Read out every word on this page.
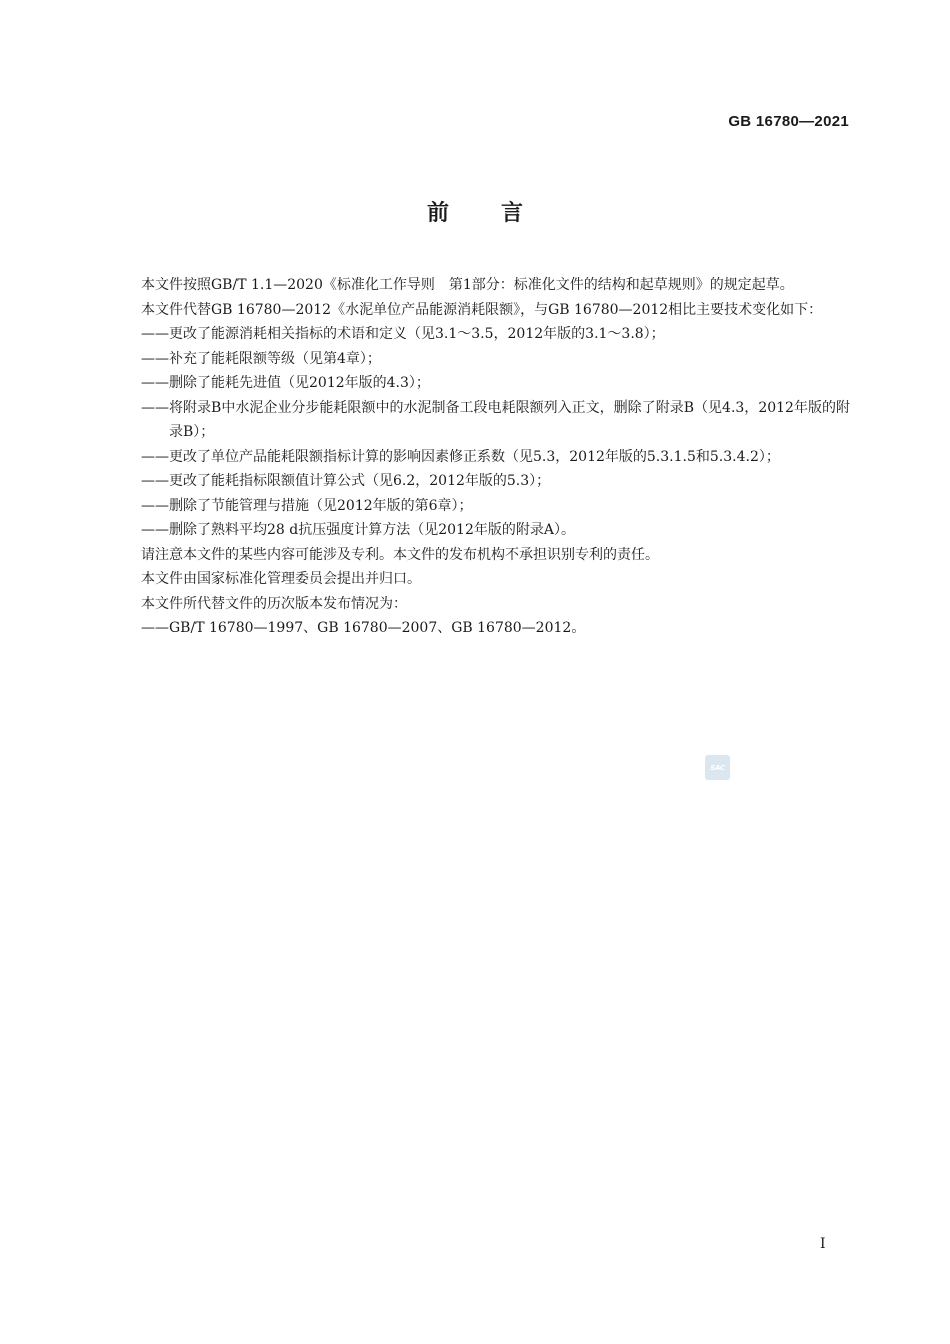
GB 16780—2021
前 言

本文件按照GB/T 1.1—2020《标准化工作导则　第1部分：标准化文件的结构和起草规则》的规定起草。

本文件代替GB 16780—2012《水泥单位产品能源消耗限额》，与GB 16780—2012相比主要技术变化如下：

—— 更改了能源消耗相关指标的术语和定义（见3.1～3.5，2012年版的3.1～3.8）；
—— 补充了能耗限额等级（见第4章）；
—— 删除了能耗先进值（见2012年版的4.3）；
—— 将附录B中水泥企业分步能耗限额中的水泥制备工段电耗限额列入正文，删除了附录B（见4.3，2012年版的附录B）；
—— 更改了单位产品能耗限额指标计算的影响因素修正系数（见5.3，2012年版的5.3.1.5和5.3.4.2）；
—— 更改了能耗指标限额值计算公式（见6.2，2012年版的5.3）；
—— 删除了节能管理与措施（见2012年版的第6章）；
—— 删除了熟料平均28 d抗压强度计算方法（见2012年版的附录A）。

请注意本文件的某些内容可能涉及专利。本文件的发布机构不承担识别专利的责任。

本文件由国家标准化管理委员会提出并归口。

本文件所代替文件的历次版本发布情况为：

—— GB/T 16780—1997、GB 16780—2007、GB 16780—2012。
SAC
I
